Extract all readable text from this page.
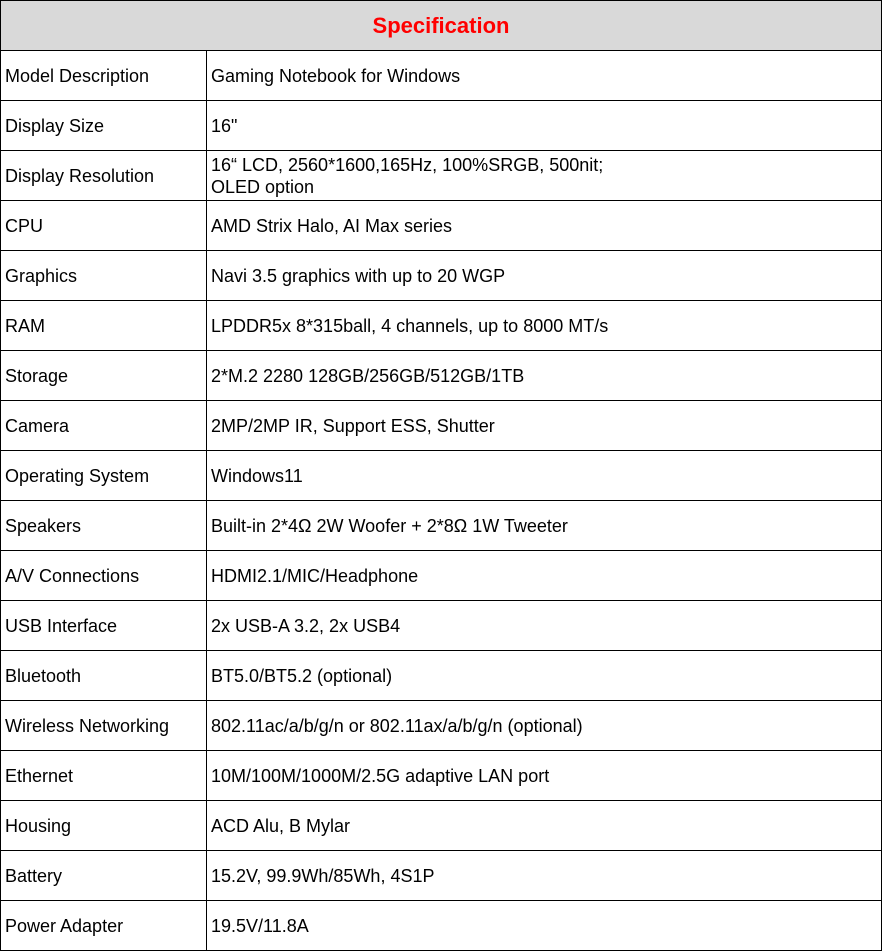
Specification	
Model Description	Gaming Notebook for Windows
Display Size	16"
Display Resolution	16“ LCD, 2560*1600,165Hz, 100%SRGB, 500nit;
OLED option
CPU	AMD Strix Halo, AI Max series
Graphics	Navi 3.5 graphics with up to 20 WGP
RAM	LPDDR5x 8*315ball, 4 channels, up to 8000 MT/s
Storage	2*M.2 2280 128GB/256GB/512GB/1TB
Camera	2MP/2MP IR, Support ESS, Shutter
Operating System	Windows11
Speakers	Built-in 2*4Ω 2W Woofer + 2*8Ω 1W Tweeter
A/V Connections	HDMI2.1/MIC/Headphone
USB Interface	2x USB-A 3.2, 2x USB4
Bluetooth	BT5.0/BT5.2 (optional)
Wireless Networking	802.11ac/a/b/g/n or 802.11ax/a/b/g/n (optional)
Ethernet	10M/100M/1000M/2.5G adaptive LAN port
Housing	ACD Alu, B Mylar
Battery	15.2V, 99.9Wh/85Wh, 4S1P
Power Adapter	19.5V/11.8A
